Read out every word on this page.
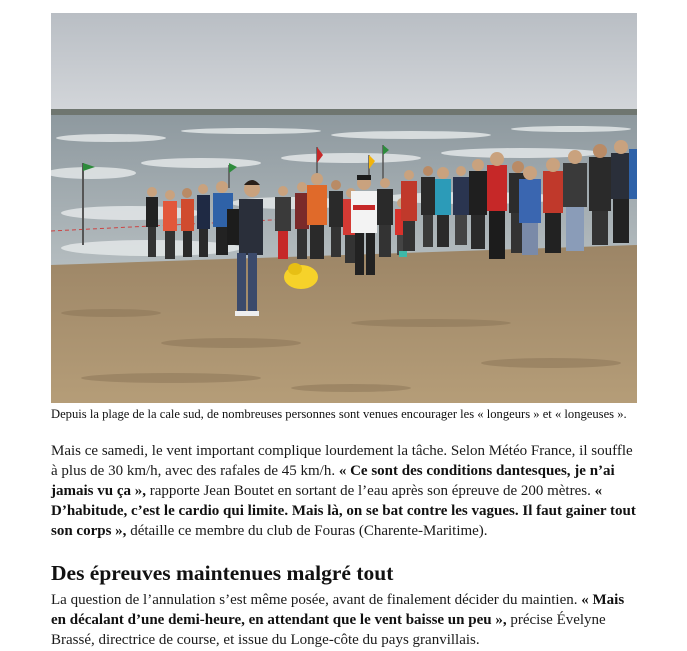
Depuis la plage de la cale sud, de nombreuses personnes sont venues encourager les « longeurs » et « longeuses ».

Mais ce samedi, le vent important complique lourdement la tâche. Selon Météo France, il souffle à plus de 30 km/h, avec des rafales de 45 km/h. « Ce sont des conditions dantesques, je n’ai jamais vu ça », rapporte Jean Boutet en sortant de l’eau après son épreuve de 200 mètres. « D’habitude, c’est le cardio qui limite. Mais là, on se bat contre les vagues. Il faut gainer tout son corps », détaille ce membre du club de Fouras (Charente-Maritime).

Des épreuves maintenues malgré tout

La question de l’annulation s’est même posée, avant de finalement décider du maintien. « Mais en décalant d’une demi-heure, en attendant que le vent baisse un peu », précise Évelyne Brassé, directrice de course, et issue du Longe-côte du pays granvillais.
